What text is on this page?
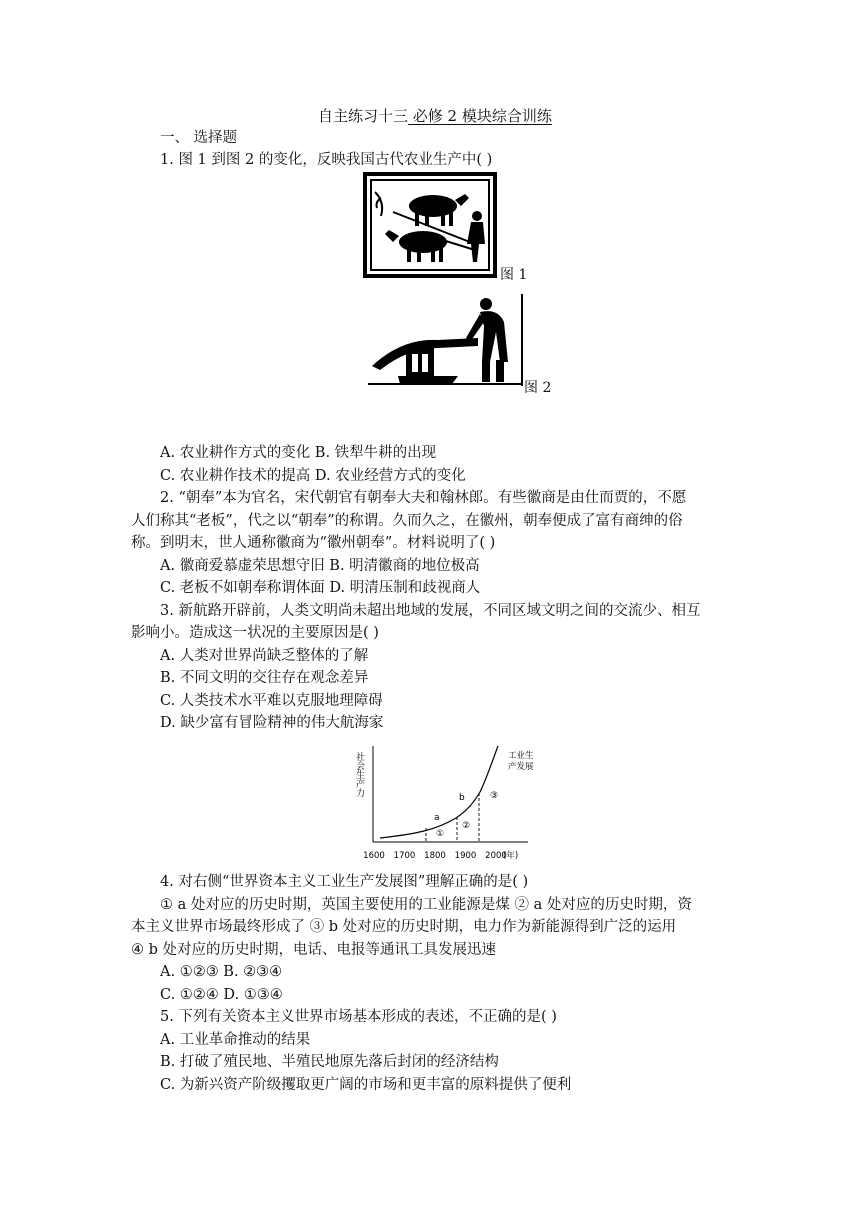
自主练习十三 必修 2 模块综合训练
一、 选择题
1. 图 1 到图 2 的变化，反映我国古代农业生产中( )
图 1
图 2
A. 农业耕作方式的变化 B. 铁犁牛耕的出现
C. 农业耕作技术的提高 D. 农业经营方式的变化
2. “朝奉”本为官名，宋代朝官有朝奉大夫和翰林郎。有些徽商是由仕而贾的，不愿
人们称其“老板”，代之以“朝奉”的称谓。久而久之，在徽州，朝奉便成了富有商绅的俗
称。到明末，世人通称徽商为“徽州朝奉”。材料说明了( )
A. 徽商爱慕虚荣思想守旧 B. 明清徽商的地位极高
C. 老板不如朝奉称谓体面 D. 明清压制和歧视商人
3. 新航路开辟前，人类文明尚未超出地域的发展，不同区域文明之间的交流少、相互
影响小。造成这一状况的主要原因是( )
A. 人类对世界尚缺乏整体的了解
B. 不同文明的交往存在观念差异
C. 人类技术水平难以克服地理障碍
D. 缺少富有冒险精神的伟大航海家
社会生产力
1600 1700 1800 1900 2000
(年)
a
b
①
②
③
工业生
产发展
4. 对右侧“世界资本主义工业生产发展图”理解正确的是( )
① a 处对应的历史时期，英国主要使用的工业能源是煤 ② a 处对应的历史时期，资
本主义世界市场最终形成了 ③ b 处对应的历史时期，电力作为新能源得到广泛的运用
④ b 处对应的历史时期，电话、电报等通讯工具发展迅速
A. ①②③ B. ②③④
C. ①②④ D. ①③④
5. 下列有关资本主义世界市场基本形成的表述，不正确的是( )
A. 工业革命推动的结果
B. 打破了殖民地、半殖民地原先落后封闭的经济结构
C. 为新兴资产阶级攫取更广阔的市场和更丰富的原料提供了便利
